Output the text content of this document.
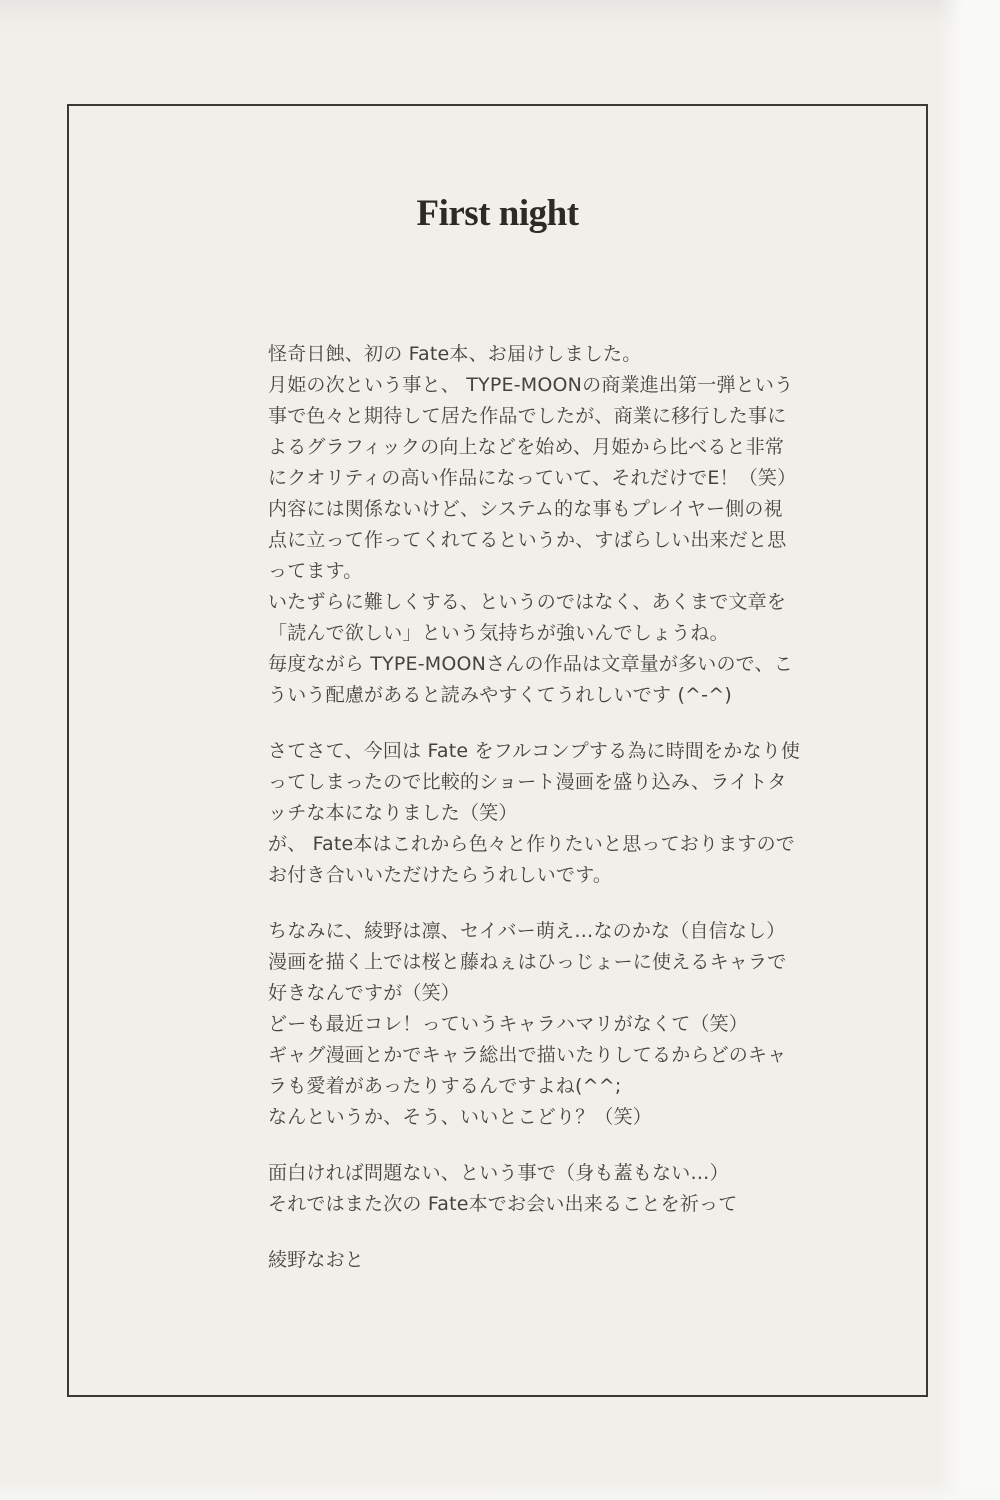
First night
怪奇日蝕、初の Fate本、お届けしました。
月姫の次という事と、 TYPE-MOONの商業進出第一弾という
事で色々と期待して居た作品でしたが、商業に移行した事に
よるグラフィックの向上などを始め、月姫から比べると非常
にクオリティの高い作品になっていて、それだけでE！（笑）
内容には関係ないけど、システム的な事もプレイヤー側の視
点に立って作ってくれてるというか、すばらしい出来だと思
ってます。
いたずらに難しくする、というのではなく、あくまで文章を
「読んで欲しい」という気持ちが強いんでしょうね。
毎度ながら TYPE-MOONさんの作品は文章量が多いので、こ
ういう配慮があると読みやすくてうれしいです (^-^)
さてさて、今回は Fate をフルコンプする為に時間をかなり使
ってしまったので比較的ショート漫画を盛り込み、ライトタ
ッチな本になりました（笑）
が、 Fate本はこれから色々と作りたいと思っておりますので
お付き合いいただけたらうれしいです。
ちなみに、綾野は凛、セイバー萌え…なのかな（自信なし）
漫画を描く上では桜と藤ねぇはひっじょーに使えるキャラで
好きなんですが（笑）
どーも最近コレ！っていうキャラハマリがなくて（笑）
ギャグ漫画とかでキャラ総出で描いたりしてるからどのキャ
ラも愛着があったりするんですよね(^^;
なんというか、そう、いいとこどり？（笑）
面白ければ問題ない、という事で（身も蓋もない…）
それではまた次の Fate本でお会い出来ることを祈って
綾野なおと
